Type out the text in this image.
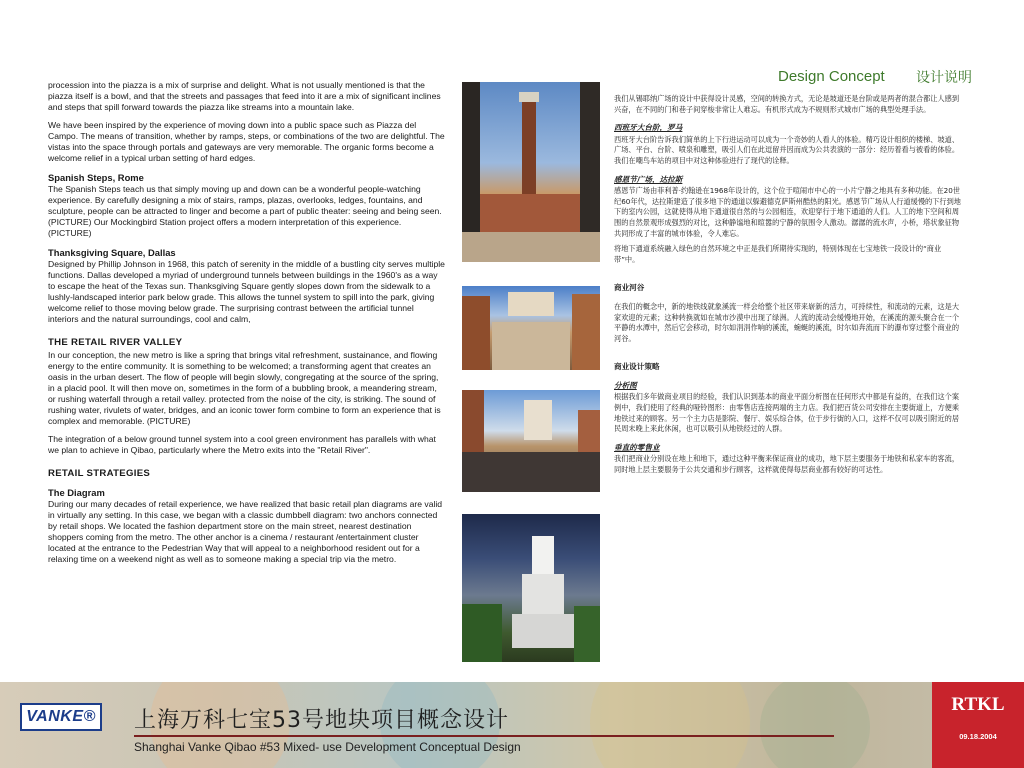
Design Concept 设计说明

procession into the piazza is a mix of surprise and delight. What is not usually mentioned is that the piazza itself is a bowl, and that the streets and passages that feed into it are a mix of significant inclines and steps that spill forward towards the piazza like streams into a mountain lake.

We have been inspired by the experience of moving down into a public space such as Piazza del Campo. The means of transition, whether by ramps, steps, or combinations of the two are delightful. The vistas into the space through portals and gateways are very memorable. The organic forms become a welcome relief in a typical urban setting of hard edges.

Spanish Steps, Rome

The Spanish Steps teach us that simply moving up and down can be a wonderful people-watching experience. By carefully designing a mix of stairs, ramps, plazas, overlooks, ledges, fountains, and sculpture, people can be attracted to linger and become a part of public theater: seeing and being seen. (PICTURE) Our Mockingbird Station project offers a modern interpretation of this experience. (PICTURE)

Thanksgiving Square, Dallas

Designed by Phillip Johnson in 1968, this patch of serenity in the middle of a bustling city serves multiple functions. Dallas developed a myriad of underground tunnels between buildings in the 1960's as a way to escape the heat of the Texas sun. Thanksgiving Square gently slopes down from the sidewalk to a lushly-landscaped interior park below grade. This allows the tunnel system to spill into the park, giving welcome relief to those moving below grade. The surprising contrast between the artificial tunnel interiors and the natural surroundings, cool and calm,

THE RETAIL RIVER VALLEY

In our conception, the new metro is like a spring that brings vital refreshment, sustainance, and flowing energy to the entire community. It is something to be welcomed; a transforming agent that creates an oasis in the urban desert. The flow of people will begin slowly, congregating at the source of the spring, in a placid pool. It will then move on, sometimes in the form of a bubbling brook, a meandering stream, or rushing waterfall through a retail valley. protected from the noise of the city, is striking. The sound of rushing water, rivulets of water, bridges, and an iconic tower form combine to form an experience that is complex and memorable. (PICTURE)

The integration of a below ground tunnel system into a cool green environment has parallels with what we plan to achieve in Qibao, particularly where the Metro exits into the "Retail River".

RETAIL STRATEGIES
The Diagram

During our many decades of retail experience, we have realized that basic retail plan diagrams are valid in virtually any setting. In this case, we began with a classic dumbbell diagram: two anchors connected by retail shops. We located the fashion department store on the main street, nearest destination shoppers coming from the metro. The other anchor is a cinema / restaurant /entertainment cluster located at the entrance to the Pedestrian Way that will appeal to a neighborhood resident out for a relaxing time on a weekend night as well as to someone making a special trip via the metro.

我们从锡耶纳广场的设计中获得设计灵感，空间的转换方式，无论是坡道还是台阶或是两者的混合都让人感到兴奋，在不同的门和巷子间穿梭非常让人难忘。有机形式成为不规则形式城市广场的典型处理手法。

西班牙大台阶，罗马

西班牙大台阶告诉我们简单的上下行进运动可以成为一个奇妙的人看人的体验。精巧设计组织的楼梯、坡道、广场、平台、台阶、喷泉和雕塑，吸引人们在此逗留并因而成为公共表演的一部分：经历着看与被看的体验。我们在嘲鸟车站的项目中对这种体验进行了现代的诠释。

感恩节广场，达拉斯

感恩节广场由菲利普·约翰逊在1968年设计的，这个位于喧闹市中心的一小片宁静之地具有多种功能。在20世纪60年代，达拉斯建造了很多地下的通道以躲避德克萨斯州酷热的阳光。感恩节广场从人行道缓慢的下行到地下的室内公园，这就使得从地下通道很自然的与公园相连，欢迎穿行于地下通道的人们。人工的地下空间和周围的自然景观形成强烈的对比，这种静谧地和暄嚣的宁静的氛围令人激动。潺潺的流水声，小桥，塔状象征物共同形成了丰富的城市体验，令人难忘。

将地下通道系统融入绿色的自然环境之中正是我们所期待实现的，特别体现在七宝地铁一段设计的“商业带”中。

商业河谷

在我们的概念中，新的地铁线就象溪流一样会给整个社区带来崭新的活力，可持续性，和流动的元素，这是大家欢迎的元素；这种转换就如在城市沙漠中出现了绿洲。人流的流动会缓慢地开始，在溪流的源头聚合在一个平静的水潭中，然后它会移动，时尔如涓涓作响的溪流，蜿蜒的溪流，时尔如奔流而下的瀑布穿过整个商业的河谷。

商业设计策略
分析图

根据我们多年做商业项目的经验，我们认识到基本的商业平面分析图在任何形式中都是有益的，在我们这个案例中，我们使用了经典的哑铃图形：由零售店连接两端的主力店。我们把百货公司安排在主要街道上，方便乘地铁过来的顾客。另一个主力店是影院、餐厅、娱乐综合体，位于步行街的入口，这样不仅可以吸引附近的居民周末晚上来此休闲，也可以吸引从地铁经过的人群。

垂直的零售业

我们把商业分别设在地上和地下，通过这种平衡来保证商业的成功，地下层主要服务于地铁和私家车的客流，同时地上层主要服务于公共交通和步行顾客，这样就使得每层商业都有较好的可达性。

VANKE® 上海万科七宝53号地块项目概念设计
Shanghai Vanke Qibao #53 Mixed- use Development Conceptual Design
RTKL
09.18.2004
